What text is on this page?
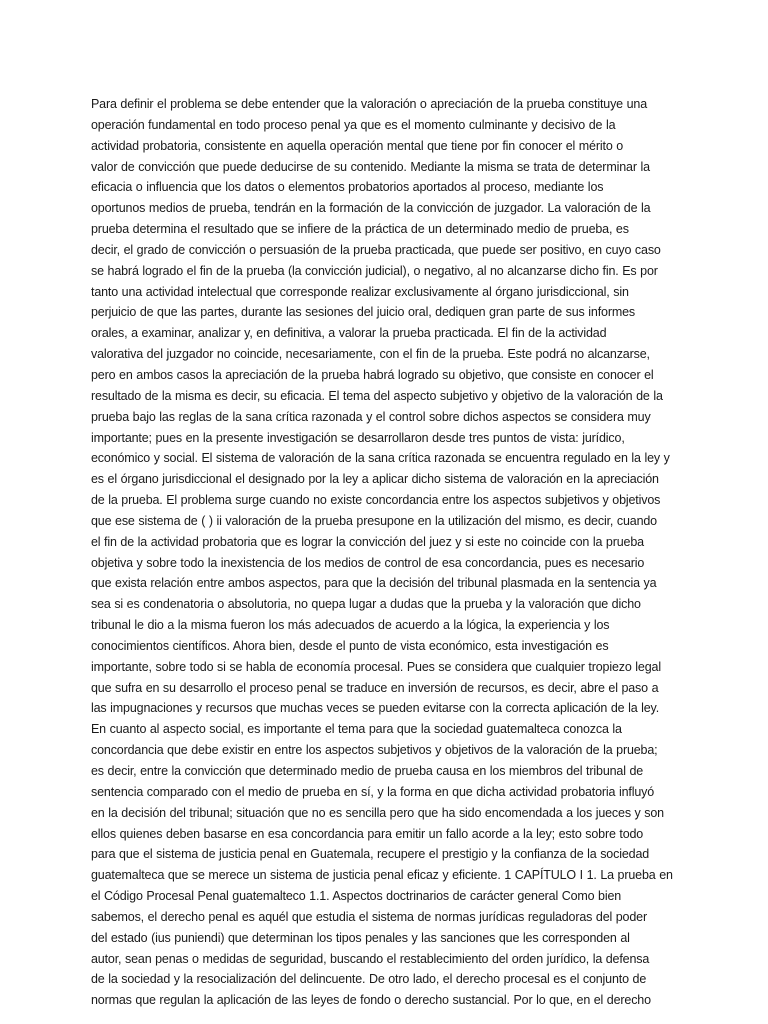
Para definir el problema se debe entender que la valoración o apreciación de la prueba constituye una
operación fundamental en todo proceso penal ya que es el momento culminante y decisivo de la
actividad probatoria, consistente en aquella operación mental que tiene por fin conocer el mérito o
valor de convicción que puede deducirse de su contenido. Mediante la misma se trata de determinar la
eficacia o influencia que los datos o elementos probatorios aportados al proceso, mediante los
oportunos medios de prueba, tendrán en la formación de la convicción de juzgador. La valoración de la
prueba determina el resultado que se infiere de la práctica de un determinado medio de prueba, es
decir, el grado de convicción o persuasión de la prueba practicada, que puede ser positivo, en cuyo caso
se habrá logrado el fin de la prueba (la convicción judicial), o negativo, al no alcanzarse dicho fin. Es por
tanto una actividad intelectual que corresponde realizar exclusivamente al órgano jurisdiccional, sin
perjuicio de que las partes, durante las sesiones del juicio oral, dediquen gran parte de sus informes
orales, a examinar, analizar y, en definitiva, a valorar la prueba practicada. El fin de la actividad
valorativa del juzgador no coincide, necesariamente, con el fin de la prueba. Este podrá no alcanzarse,
pero en ambos casos la apreciación de la prueba habrá logrado su objetivo, que consiste en conocer el
resultado de la misma es decir, su eficacia. El tema del aspecto subjetivo y objetivo de la valoración de la
prueba bajo las reglas de la sana crítica razonada y el control sobre dichos aspectos se considera muy
importante; pues en la presente investigación se desarrollaron desde tres puntos de vista: jurídico,
económico y social. El sistema de valoración de la sana crítica razonada se encuentra regulado en la ley y
es el órgano jurisdiccional el designado por la ley a aplicar dicho sistema de valoración en la apreciación
de la prueba. El problema surge cuando no existe concordancia entre los aspectos subjetivos y objetivos
que ese sistema de ( ) ii valoración de la prueba presupone en la utilización del mismo, es decir, cuando
el fin de la actividad probatoria que es lograr la convicción del juez y si este no coincide con la prueba
objetiva y sobre todo la inexistencia de los medios de control de esa concordancia, pues es necesario
que exista relación entre ambos aspectos, para que la decisión del tribunal plasmada en la sentencia ya
sea si es condenatoria o absolutoria, no quepa lugar a dudas que la prueba y la valoración que dicho
tribunal le dio a la misma fueron los más adecuados de acuerdo a la lógica, la experiencia y los
conocimientos científicos. Ahora bien, desde el punto de vista económico, esta investigación es
importante, sobre todo si se habla de economía procesal. Pues se considera que cualquier tropiezo legal
que sufra en su desarrollo el proceso penal se traduce en inversión de recursos, es decir, abre el paso a
las impugnaciones y recursos que muchas veces se pueden evitarse con la correcta aplicación de la ley.
En cuanto al aspecto social, es importante el tema para que la sociedad guatemalteca conozca la
concordancia que debe existir en entre los aspectos subjetivos y objetivos de la valoración de la prueba;
es decir, entre la convicción que determinado medio de prueba causa en los miembros del tribunal de
sentencia comparado con el medio de prueba en sí, y la forma en que dicha actividad probatoria influyó
en la decisión del tribunal; situación que no es sencilla pero que ha sido encomendada a los jueces y son
ellos quienes deben basarse en esa concordancia para emitir un fallo acorde a la ley; esto sobre todo
para que el sistema de justicia penal en Guatemala, recupere el prestigio y la confianza de la sociedad
guatemalteca que se merece un sistema de justicia penal eficaz y eficiente. 1 CAPÍTULO I 1. La prueba en
el Código Procesal Penal guatemalteco 1.1. Aspectos doctrinarios de carácter general Como bien
sabemos, el derecho penal es aquél que estudia el sistema de normas jurídicas reguladoras del poder
del estado (ius puniendi) que determinan los tipos penales y las sanciones que les corresponden al
autor, sean penas o medidas de seguridad, buscando el restablecimiento del orden jurídico, la defensa
de la sociedad y la resocialización del delincuente. De otro lado, el derecho procesal es el conjunto de
normas que regulan la aplicación de las leyes de fondo o derecho sustancial. Por lo que, en el derecho
